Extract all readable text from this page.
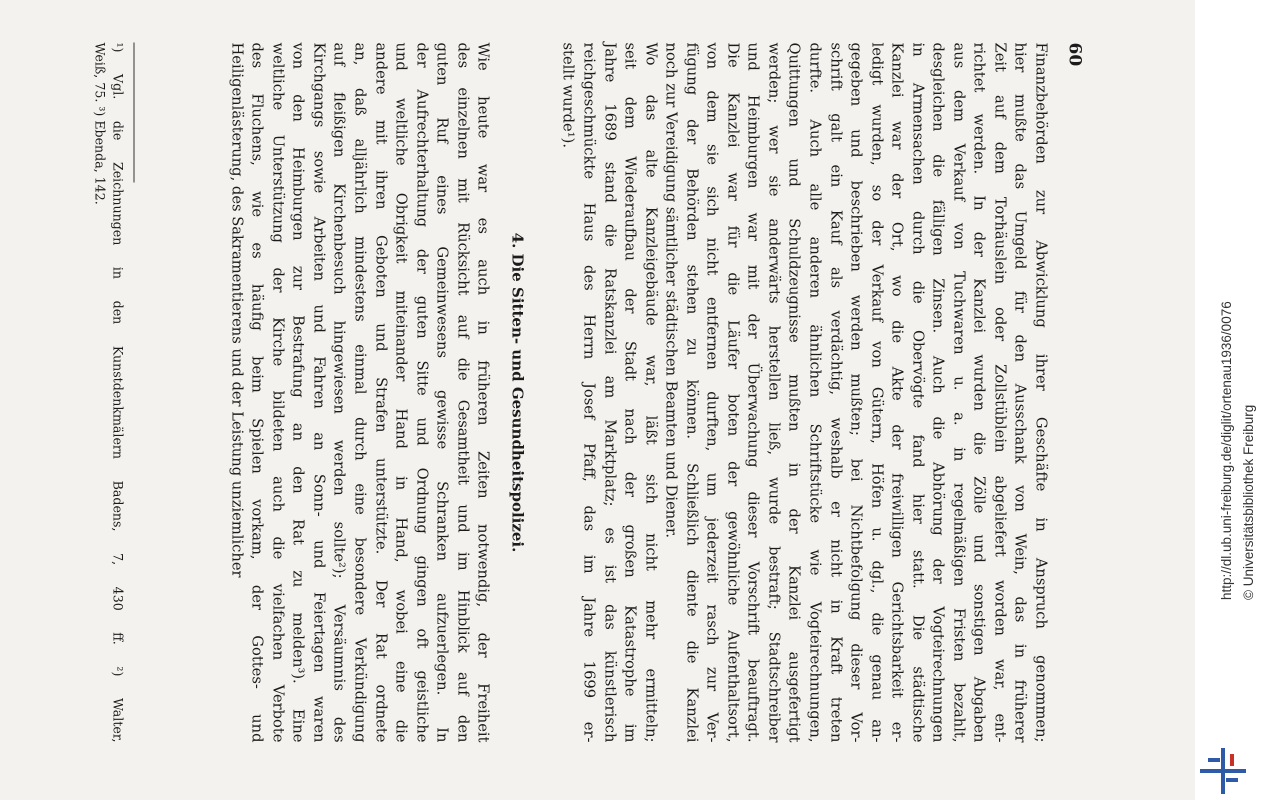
60
Finanzbehörden zur Abwicklung ihrer Geschäfte in Anspruch genommen;
hier mußte das Umgeld für den Ausschank von Wein, das in früherer
Zeit auf dem Torhäuslein oder Zollstüblein abgeliefert worden war, ent-
richtet werden. In der Kanzlei wurden die Zölle und sonstigen Abgaben
aus dem Verkauf von Tuchwaren u. a. in regelmäßigen Fristen bezahlt,
desgleichen die fälligen Zinsen. Auch die Abhörung der Vogteirechnungen
in Armensachen durch die Obervögte fand hier statt. Die städtische
Kanzlei war der Ort, wo die Akte der freiwilligen Gerichtsbarkeit er-
ledigt wurden, so der Verkauf von Gütern, Höfen u. dgl., die genau an-
gegeben und beschrieben werden mußten; bei Nichtbefolgung dieser Vor-
schrift galt ein Kauf als verdächtig, weshalb er nicht in Kraft treten
durfte. Auch alle anderen ähnlichen Schriftstücke wie Vogteirechnungen,
Quittungen und Schuldzeugnisse mußten in der Kanzlei ausgefertigt
werden; wer sie anderwärts herstellen ließ, wurde bestraft; Stadtschreiber
und Heimburgen war mit der Überwachung dieser Vorschrift beauftragt.
Die Kanzlei war für die Läufer boten der gewöhnliche Aufenthaltsort,
von dem sie sich nicht entfernen durften, um jederzeit rasch zur Ver-
fügung der Behörden stehen zu können. Schließlich diente die Kanzlei
noch zur Vereidigung sämtlicher städtischen Beamten und Diener.
Wo das alte Kanzleigebäude war, läßt sich nicht mehr ermitteln;
seit dem Wiederaufbau der Stadt nach der großen Katastrophe im
Jahre 1689 stand die Ratskanzlei am Marktplatz; es ist das künstlerisch
reichgeschmückte Haus des Herrn Josef Pfaff, das im Jahre 1699 er-
stellt wurde¹).
4. Die Sitten- und Gesundheitspolizei.
Wie heute war es auch in früheren Zeiten notwendig, der Freiheit
des einzelnen mit Rücksicht auf die Gesamtheit und im Hinblick auf den
guten Ruf eines Gemeinwesens gewisse Schranken aufzuerlegen. In
der Aufrechterhaltung der guten Sitte und Ordnung gingen oft geistliche
und weltliche Obrigkeit miteinander Hand in Hand, wobei eine die
andere mit ihren Geboten und Strafen unterstützte. Der Rat ordnete
an, daß alljährlich mindestens einmal durch eine besondere Verkündigung
auf fleißigen Kirchenbesuch hingewiesen werden sollte²); Versäumnis des
Kirchgangs sowie Arbeiten und Fahren an Sonn- und Feiertagen waren
von den Heimburgen zur Bestrafung an den Rat zu melden³). Eine
weltliche Unterstützung der Kirche bildeten auch die vielfachen Verbote
des Fluchens, wie es häufig beim Spielen vorkam, der Gottes- und
Heiligenlästerung, des Sakramentierens und der Leistung unziemlicher
¹) Vgl. die Zeichnungen in den Kunstdenkmälern Badens, 7, 430 ff. ²) Walter,
Weiß, 75. ³) Ebenda, 142.
http://dl.ub.uni-freiburg.de/diglit/ortenau1936/0076 © Universitätsbibliothek Freiburg
